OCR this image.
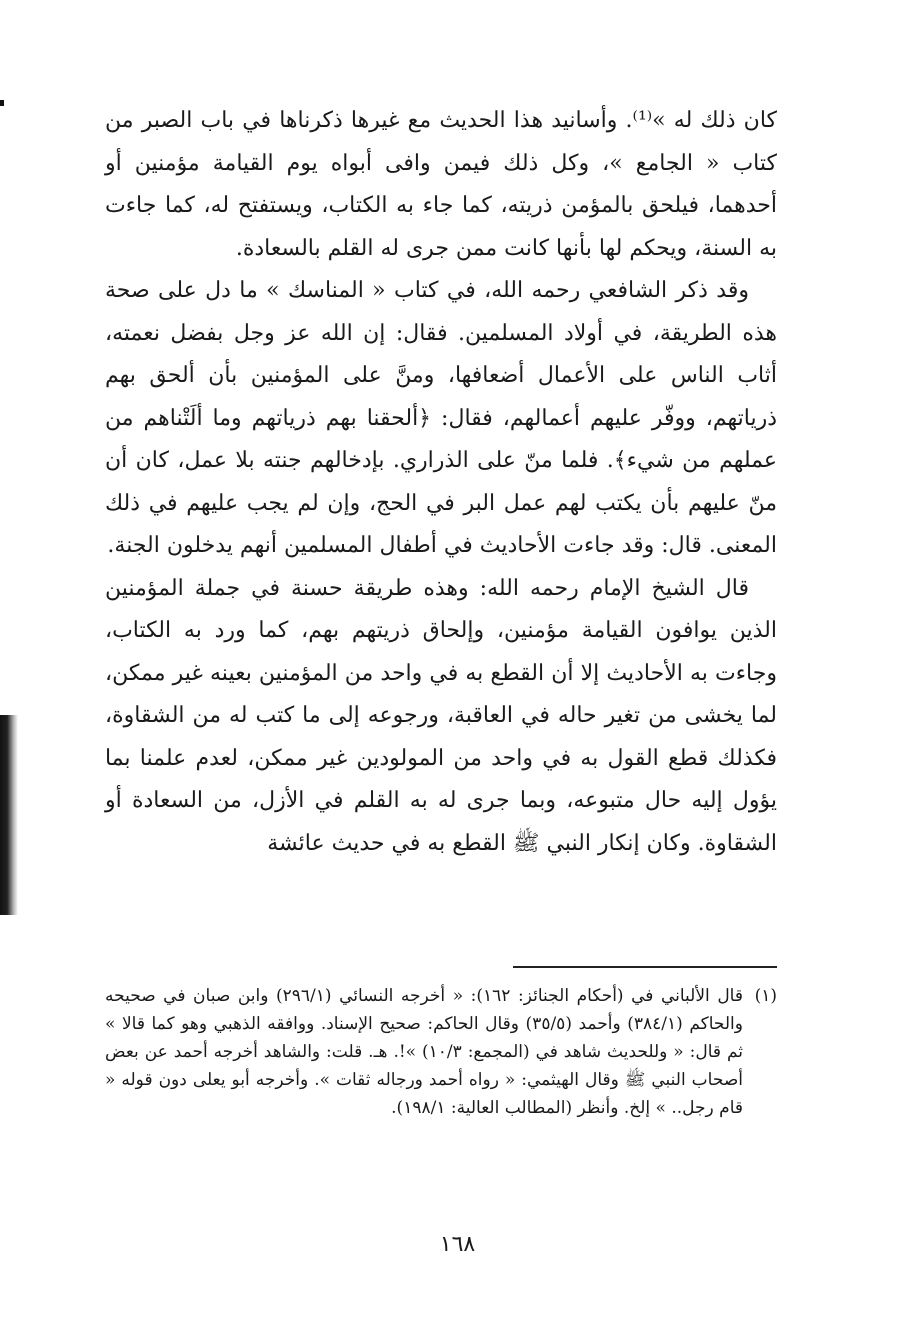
كان ذلك له »⁽¹⁾. وأسانيد هذا الحديث مع غيرها ذكرناها في باب الصبر من كتاب « الجامع »، وكل ذلك فيمن وافى أبواه يوم القيامة مؤمنين أو أحدهما، فيلحق بالمؤمن ذريته، كما جاء به الكتاب، ويستفتح له، كما جاءت به السنة، ويحكم لها بأنها كانت ممن جرى له القلم بالسعادة.

وقد ذكر الشافعي رحمه الله، في كتاب « المناسك » ما دل على صحة هذه الطريقة، في أولاد المسلمين. فقال: إن الله عز وجل بفضل نعمته، أثاب الناس على الأعمال أضعافها، ومنَّ على المؤمنين بأن ألحق بهم ذرياتهم، ووفّر عليهم أعمالهم، فقال: ﴿ألحقنا بهم ذرياتهم وما ألَتْناهم من عملهم من شيء﴾. فلما منّ على الذراري. بإدخالهم جنته بلا عمل، كان أن منّ عليهم بأن يكتب لهم عمل البر في الحج، وإن لم يجب عليهم في ذلك المعنى. قال: وقد جاءت الأحاديث في أطفال المسلمين أنهم يدخلون الجنة.

قال الشيخ الإمام رحمه الله: وهذه طريقة حسنة في جملة المؤمنين الذين يوافون القيامة مؤمنين، وإلحاق ذريتهم بهم، كما ورد به الكتاب، وجاءت به الأحاديث إلا أن القطع به في واحد من المؤمنين بعينه غير ممكن، لما يخشى من تغير حاله في العاقبة، ورجوعه إلى ما كتب له من الشقاوة، فكذلك قطع القول به في واحد من المولودين غير ممكن، لعدم علمنا بما يؤول إليه حال متبوعه، وبما جرى له به القلم في الأزل، من السعادة أو الشقاوة. وكان إنكار النبي ﷺ القطع به في حديث عائشة

(١)
قال الألباني في (أحكام الجنائز: ١٦٢): « أخرجه النسائي (٢٩٦/١) وابن صبان في صحيحه والحاكم (٣٨٤/١) وأحمد (٣٥/٥) وقال الحاكم: صحيح الإسناد. ووافقه الذهبي وهو كما قالا » ثم قال: « وللحديث شاهد في (المجمع: ١٠/٣) »!. هـ. قلت: والشاهد أخرجه أحمد عن بعض أصحاب النبي ﷺ وقال الهيثمي: « رواه أحمد ورجاله ثقات ». وأخرجه أبو يعلى دون قوله « قام رجل.. » إلخ. وأنظر (المطالب العالية: ١٩٨/١).
١٦٨
